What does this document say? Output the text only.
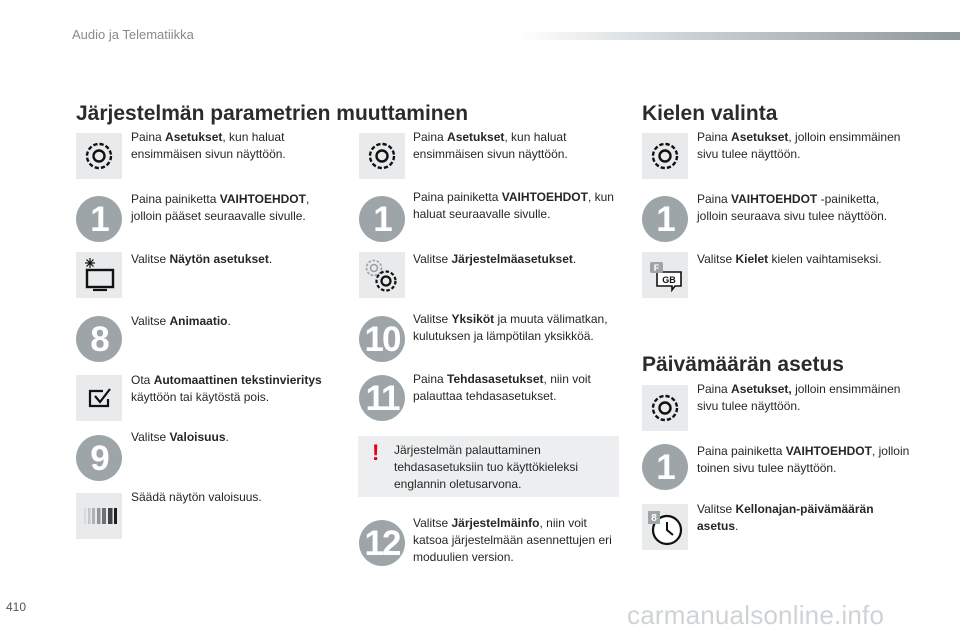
Audio ja Telematiikka
Järjestelmän parametrien muuttaminen
Paina Asetukset, kun haluat ensimmäisen sivun näyttöön.
1
Paina painiketta VAIHTOEHDOT, jolloin pääset seuraavalle sivulle.
Valitse Näytön asetukset.
8	Valitse Animaatio.
Ota Automaattinen tekstinvieritys käyttöön tai käytöstä pois.
9
Valitse Valoisuus.
Säädä näytön valoisuus.
Paina Asetukset, kun haluat ensimmäisen sivun näyttöön.
1
Paina painiketta VAIHTOEHDOT, kun haluat seuraavalle sivulle.
Valitse Järjestelmäasetukset.
10
Valitse Yksiköt ja muuta välimatkan, kulutuksen ja lämpötilan yksikköä.
11	Paina Tehdasasetukset, niin voit palauttaa tehdasasetukset.
! Järjestelmän palauttaminen tehdasasetuksiin tuo käyttökieleksi englannin oletusarvona.
12
Valitse Järjestelmäinfo, niin voit katsoa järjestelmään asennettujen eri moduulien version.
Kielen valinta
Paina Asetukset, jolloin ensimmäinen sivu tulee näyttöön.
1
Paina VAIHTOEHDOT -painiketta, jolloin seuraava sivu tulee näyttöön.
F
GB
Valitse Kielet kielen vaihtamiseksi.
Päivämäärän asetus
Paina Asetukset, jolloin ensimmäinen sivu tulee näyttöön.
1	Paina painiketta VAIHTOEHDOT, jolloin toinen sivu tulee näyttöön.
8
Valitse Kellonajan-päivämäärän asetus.
410	carmanualsonline.info
